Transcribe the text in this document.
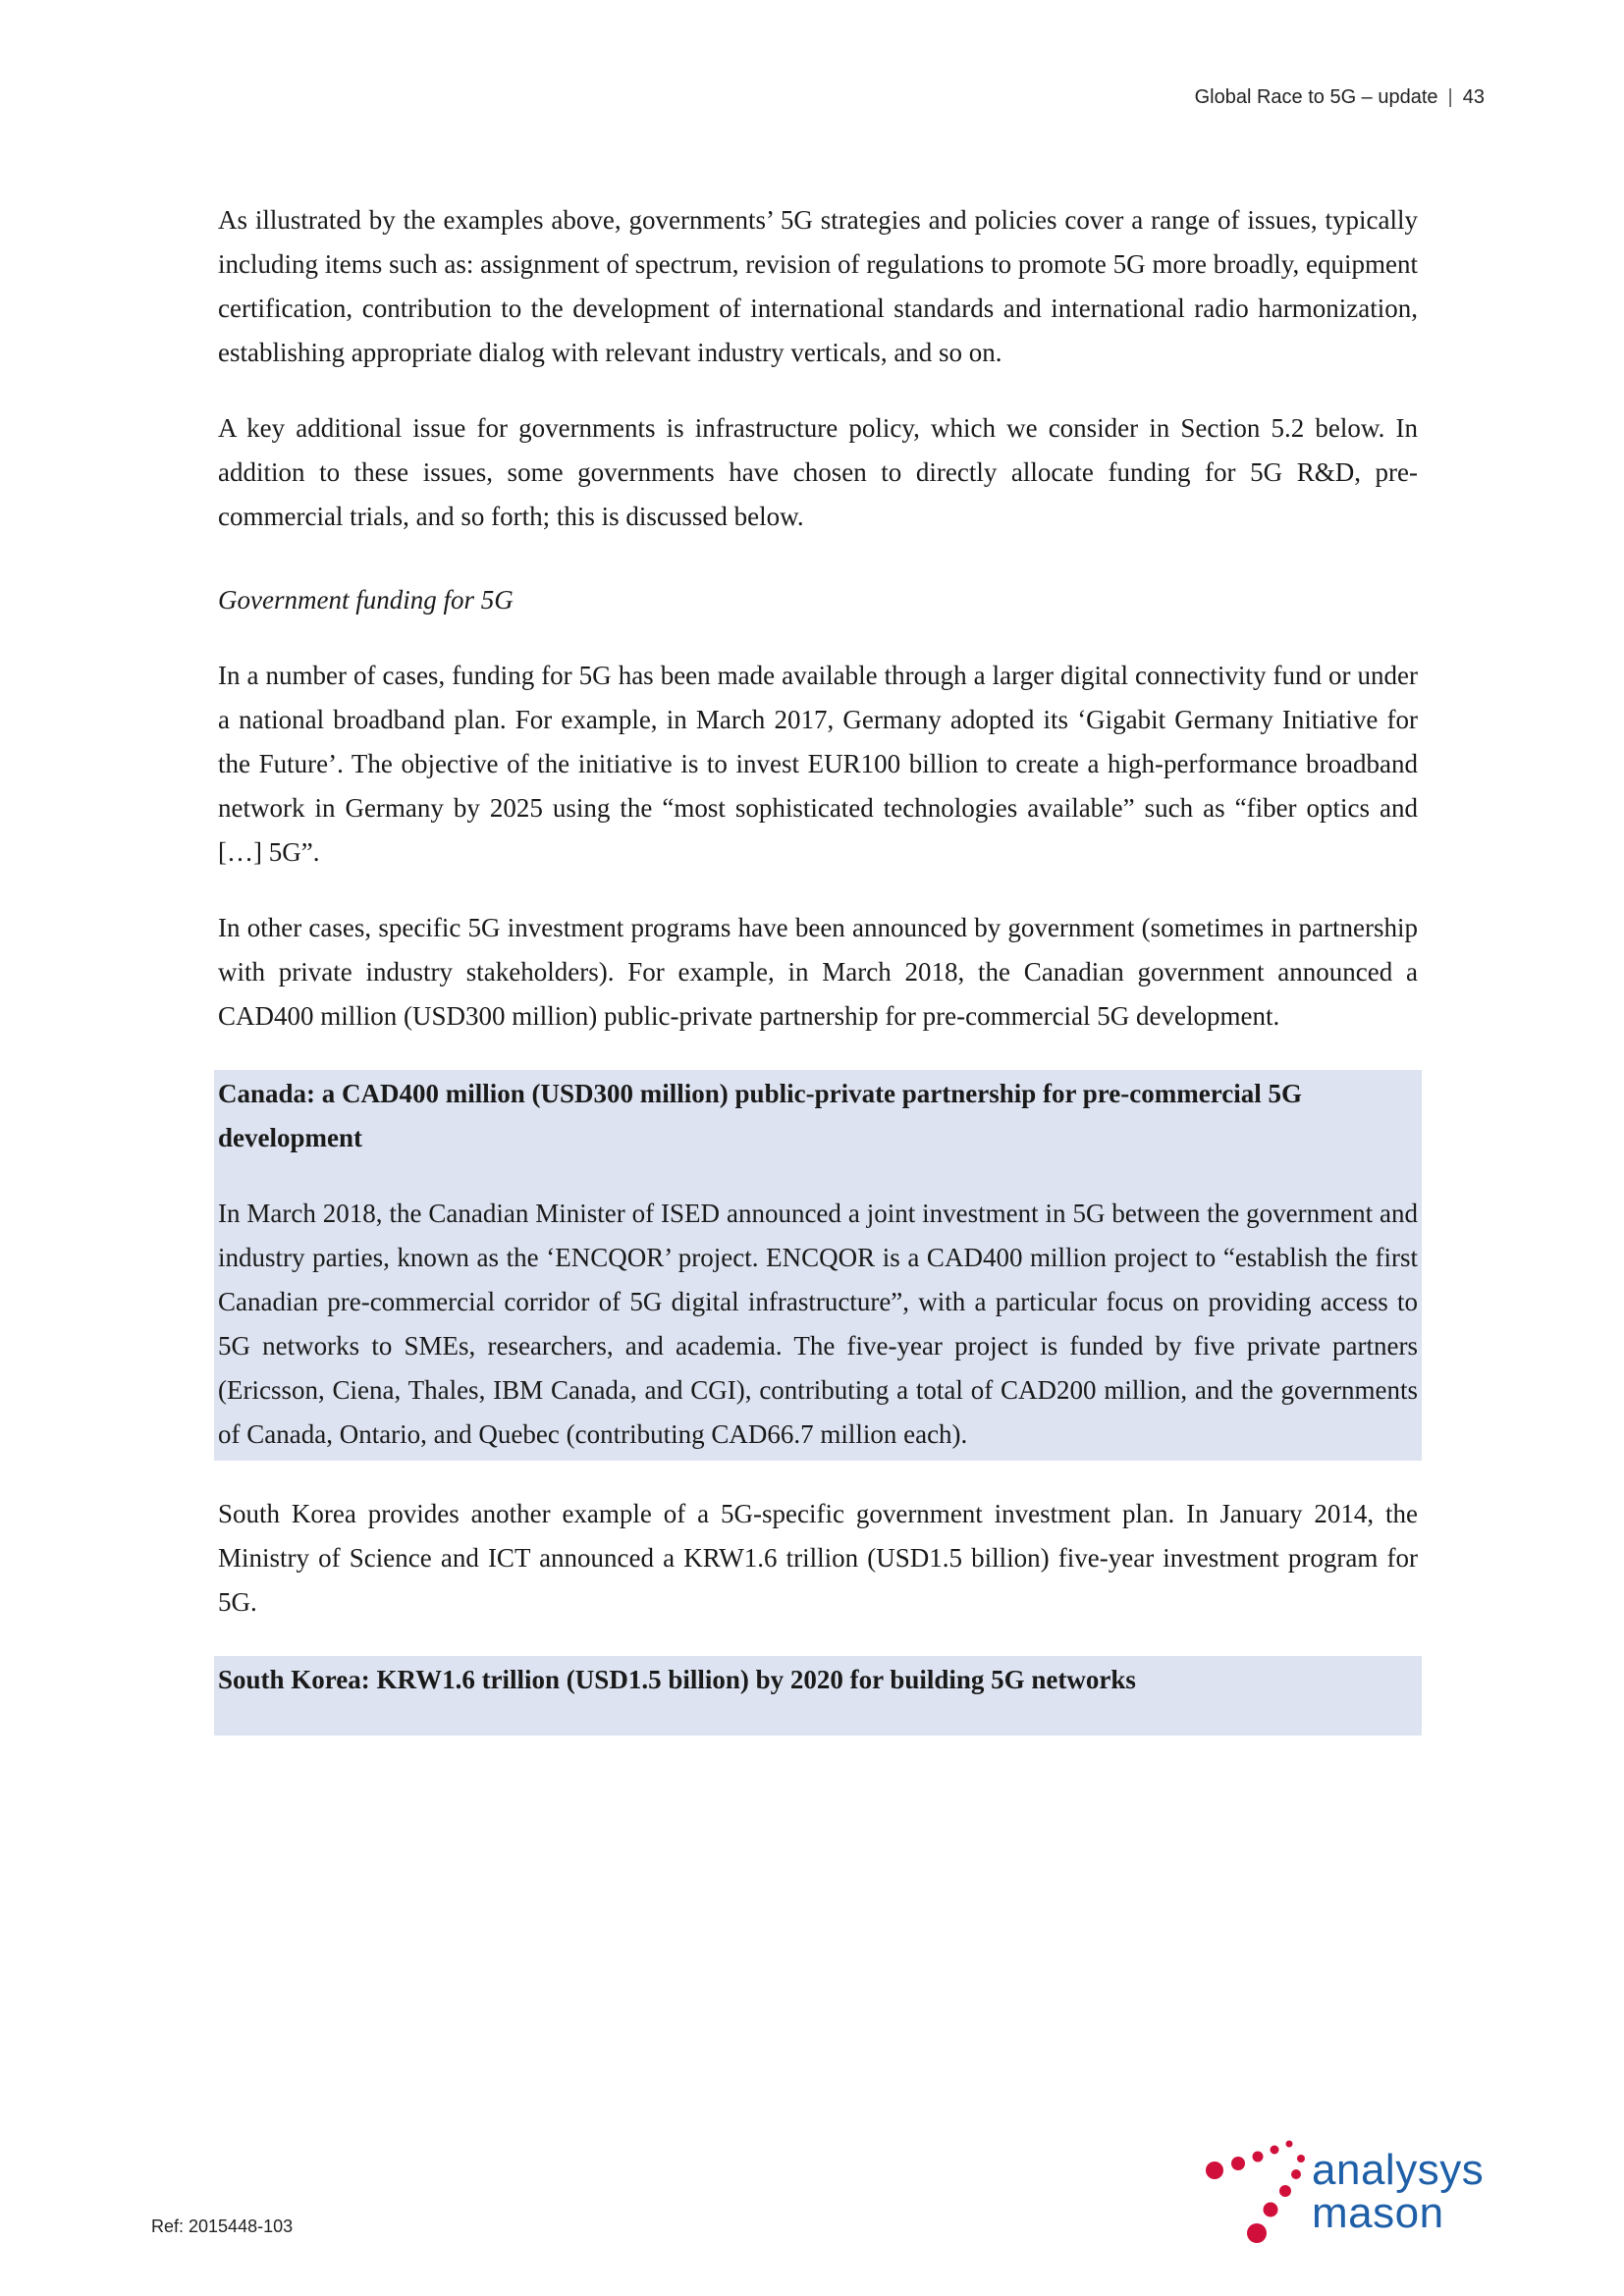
Global Race to 5G – update | 43

As illustrated by the examples above, governments’ 5G strategies and policies cover a range of issues, typically including items such as: assignment of spectrum, revision of regulations to promote 5G more broadly, equipment certification, contribution to the development of international standards and international radio harmonization, establishing appropriate dialog with relevant industry verticals, and so on.

A key additional issue for governments is infrastructure policy, which we consider in Section 5.2 below. In addition to these issues, some governments have chosen to directly allocate funding for 5G R&D, pre-commercial trials, and so forth; this is discussed below.

Government funding for 5G

In a number of cases, funding for 5G has been made available through a larger digital connectivity fund or under a national broadband plan. For example, in March 2017, Germany adopted its ‘Gigabit Germany Initiative for the Future’. The objective of the initiative is to invest EUR100 billion to create a high-performance broadband network in Germany by 2025 using the “most sophisticated technologies available” such as “fiber optics and […] 5G”.

In other cases, specific 5G investment programs have been announced by government (sometimes in partnership with private industry stakeholders). For example, in March 2018, the Canadian government announced a CAD400 million (USD300 million) public-private partnership for pre-commercial 5G development.

Canada: a CAD400 million (USD300 million) public-private partnership for pre-commercial 5G development

In March 2018, the Canadian Minister of ISED announced a joint investment in 5G between the government and industry parties, known as the ‘ENCQOR’ project. ENCQOR is a CAD400 million project to “establish the first Canadian pre-commercial corridor of 5G digital infrastructure”, with a particular focus on providing access to 5G networks to SMEs, researchers, and academia. The five-year project is funded by five private partners (Ericsson, Ciena, Thales, IBM Canada, and CGI), contributing a total of CAD200 million, and the governments of Canada, Ontario, and Quebec (contributing CAD66.7 million each).

South Korea provides another example of a 5G-specific government investment plan. In January 2014, the Ministry of Science and ICT announced a KRW1.6 trillion (USD1.5 billion) five-year investment program for 5G.

South Korea: KRW1.6 trillion (USD1.5 billion) by 2020 for building 5G networks

Ref: 2015448-103
analysys
mason
